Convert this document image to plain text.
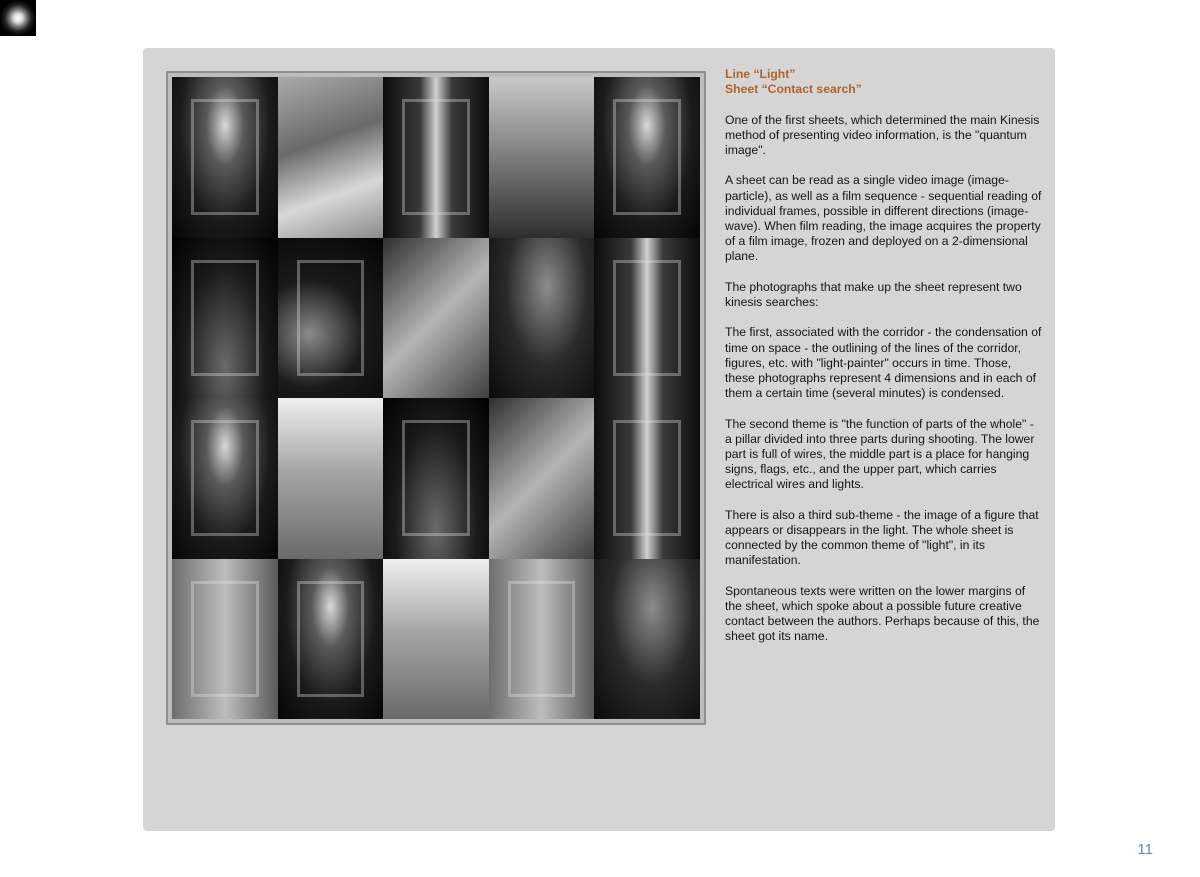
Line “Light”
Sheet “Contact search”

One of the first sheets, which determined the main Kinesis method of presenting video information, is the "quantum image".

A sheet can be read as a single video image (image-particle), as well as a film sequence - sequential reading of individual frames, possible in different directions (image-wave). When film reading, the image acquires the property of a film image, frozen and deployed on a 2-dimensional plane.

The photographs that make up the sheet represent two kinesis searches:

The first, associated with the corridor - the condensation of time on space - the outlining of the lines of the corridor, figures, etc. with "light-painter" occurs in time. Those, these photographs represent 4 dimensions and in each of them a certain time (several minutes) is condensed.

The second theme is "the function of parts of the whole" - a pillar divided into three parts during shooting. The lower part is full of wires, the middle part is a place for hanging signs, flags, etc., and the upper part, which carries electrical wires and lights.

There is also a third sub-theme - the image of a figure that appears or disappears in the light. The whole sheet is connected by the common theme of "light", in its manifestation.

Spontaneous texts were written on the lower margins of the sheet, which spoke about a possible future creative contact between the authors. Perhaps because of this, the sheet got its name.

11
